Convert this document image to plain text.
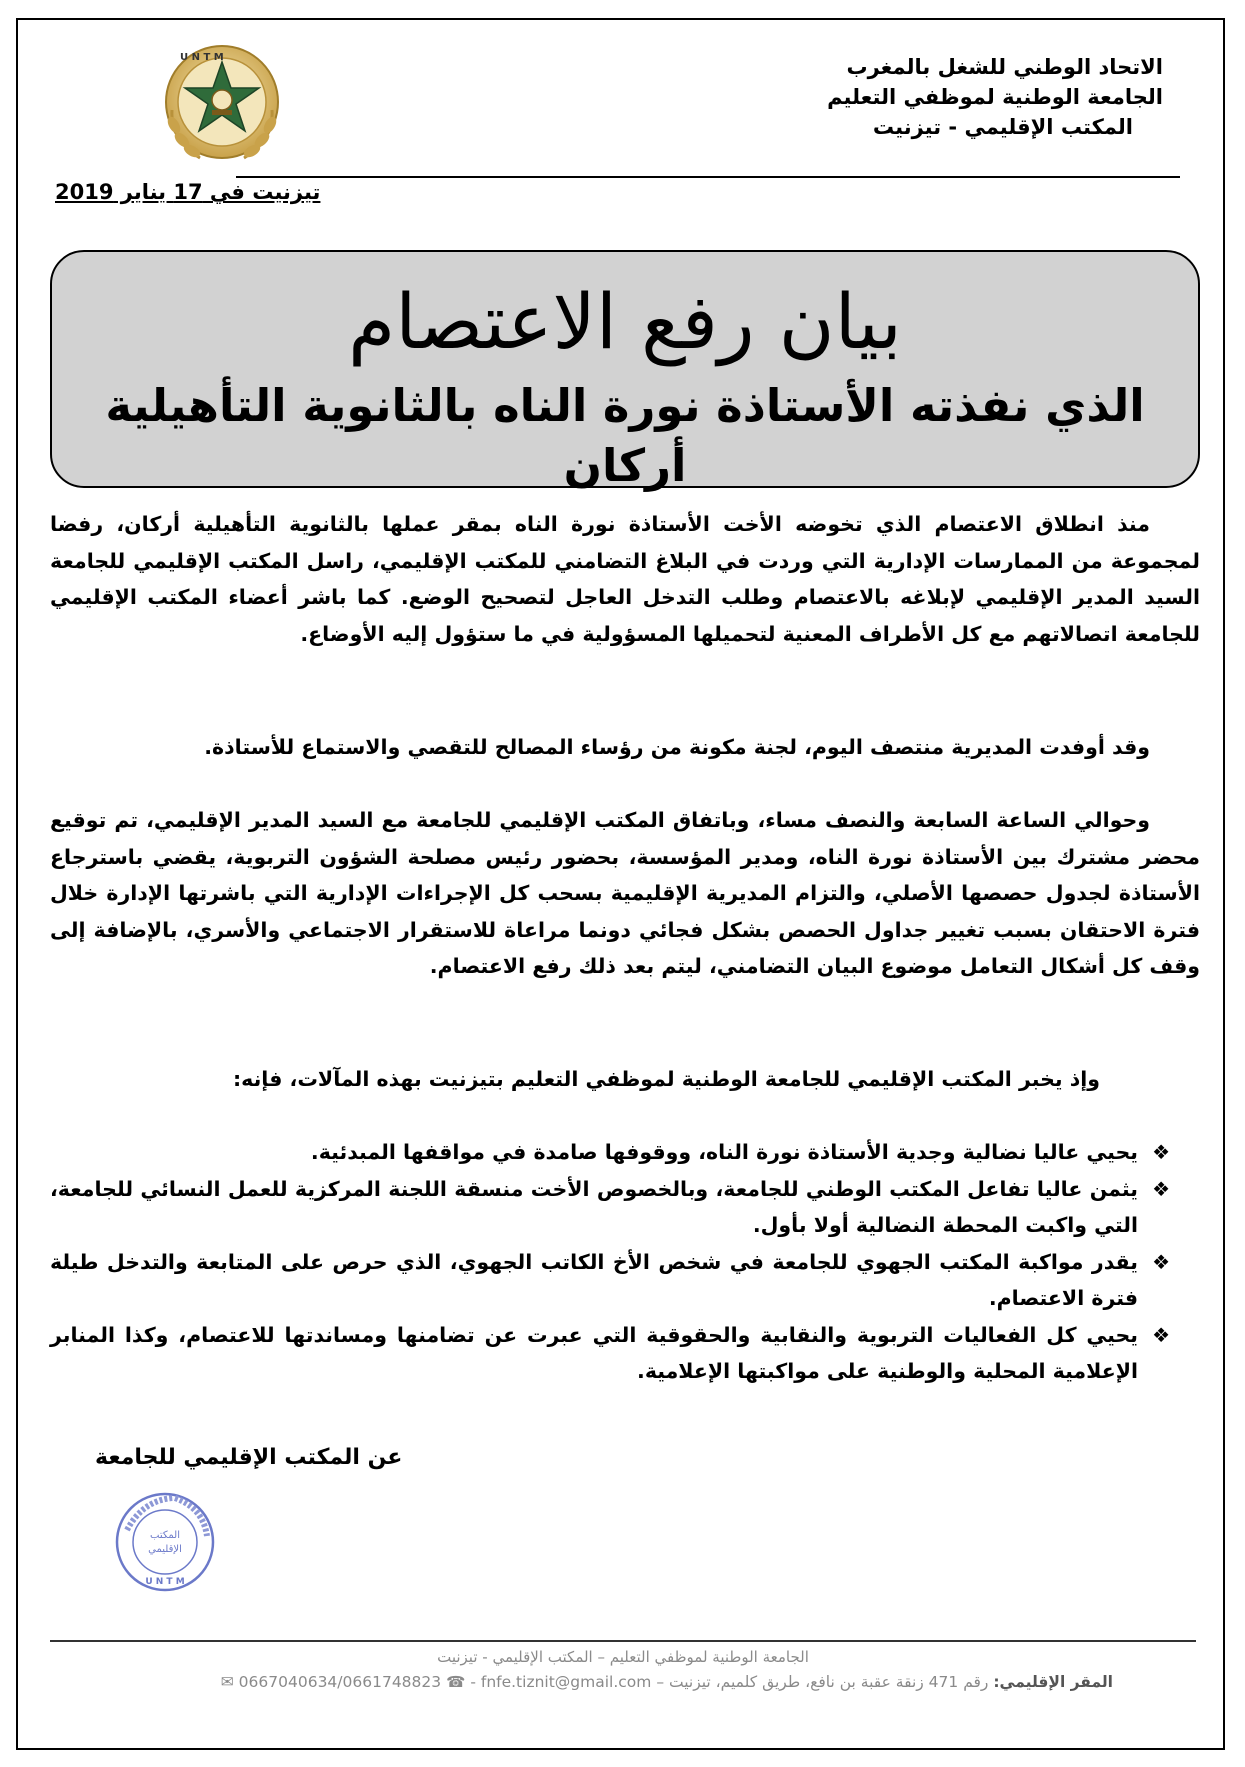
الاتحاد الوطني للشغل بالمغرب
الجامعة الوطنية لموظفي التعليم
المكتب الإقليمي - تيزنيت
U N T M
تيزنيت في 17 يناير 2019
بيان رفع الاعتصام
الذي نفذته الأستاذة نورة الناه بالثانوية التأهيلية أركان
منذ انطلاق الاعتصام الذي تخوضه الأخت الأستاذة نورة الناه بمقر عملها بالثانوية التأهيلية أركان، رفضا لمجموعة من الممارسات الإدارية التي وردت في البلاغ التضامني للمكتب الإقليمي، راسل المكتب الإقليمي للجامعة السيد المدير الإقليمي لإبلاغه بالاعتصام وطلب التدخل العاجل لتصحيح الوضع. كما باشر أعضاء المكتب الإقليمي للجامعة اتصالاتهم مع كل الأطراف المعنية لتحميلها المسؤولية في ما ستؤول إليه الأوضاع.
وقد أوفدت المديرية منتصف اليوم، لجنة مكونة من رؤساء المصالح للتقصي والاستماع للأستاذة.
وحوالي الساعة السابعة والنصف مساء، وباتفاق المكتب الإقليمي للجامعة مع السيد المدير الإقليمي، تم توقيع محضر مشترك بين الأستاذة نورة الناه، ومدير المؤسسة، بحضور رئيس مصلحة الشؤون التربوية، يقضي باسترجاع الأستاذة لجدول حصصها الأصلي، والتزام المديرية الإقليمية بسحب كل الإجراءات الإدارية التي باشرتها الإدارة خلال فترة الاحتقان بسبب تغيير جداول الحصص بشكل فجائي دونما مراعاة للاستقرار الاجتماعي والأسري، بالإضافة إلى وقف كل أشكال التعامل موضوع البيان التضامني، ليتم بعد ذلك رفع الاعتصام.
وإذ يخبر المكتب الإقليمي للجامعة الوطنية لموظفي التعليم بتيزنيت بهذه المآلات، فإنه:
❖
يحيي عاليا نضالية وجدية الأستاذة نورة الناه، ووقوفها صامدة في مواقفها المبدئية.
❖
يثمن عاليا تفاعل المكتب الوطني للجامعة، وبالخصوص الأخت منسقة اللجنة المركزية للعمل النسائي للجامعة، التي واكبت المحطة النضالية أولا بأول.
❖
يقدر مواكبة المكتب الجهوي للجامعة في شخص الأخ الكاتب الجهوي، الذي حرص على المتابعة والتدخل طيلة فترة الاعتصام.
❖
يحيي كل الفعاليات التربوية والنقابية والحقوقية التي عبرت عن تضامنها ومساندتها للاعتصام، وكذا المنابر الإعلامية المحلية والوطنية على مواكبتها الإعلامية.
عن المكتب الإقليمي للجامعة
المكتب
الإقليمي
U N T M
الجامعة الوطنية لموظفي التعليم – المكتب الإقليمي - تيزنيت
المقر الإقليمي: رقم 471 زنقة عقبة بن نافع، طريق كلميم، تيزنيت – 0667040634/0661748823 ☎ - fnfe.tiznit@gmail.com ✉
